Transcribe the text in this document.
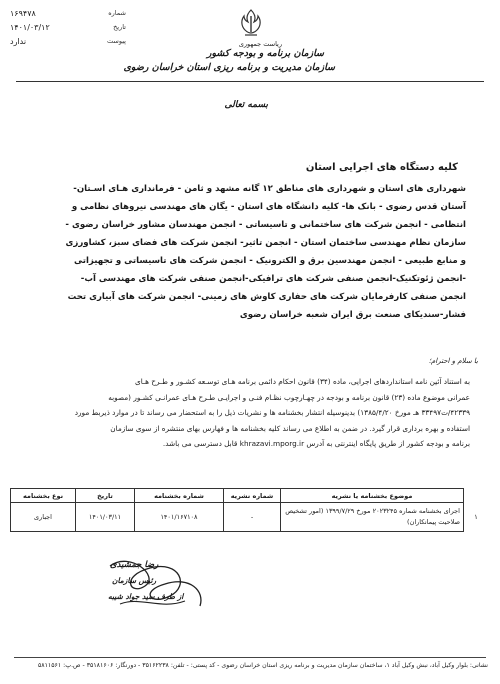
شماره
۱۶۹۴۷۸
تاریخ
۱۴۰۱/۰۳/۱۲
پیوست
ندارد	ریاست جمهوری
سازمان برنامه و بودجه کشور
سازمان مدیریت و برنامه ریزی استان خراسان رضوی
بسمه تعالی
کلیه دستگاه های اجرایی استان
شهرداری های استان و شهرداری های مناطق ۱۲ گانه مشهد و ثامن - فرمانداری هـای اسـتان-
آستان قدس رضوی - بانک ها- کلیه دانشگاه های استان - یگان های مهندسی نیروهای نظامی و
انتظامی - انجمن شرکت های ساختمانی و تاسیساتی - انجمن مهندسان مشاور خراسان رضوی -
سازمان نظام مهندسی ساختمان استان - انجمن تاثیر- انجمن شرکت های فضای سبز، کشاورزی
و منابع طبیعی - انجمن مهندسین برق و الکترونیک - انجمن شرکت های تاسیساتی و تجهیزاتی
-انجمن ژئوتکنیک-انجمن صنفی شرکت های ترافیکی-انجمن صنفی شرکت های مهندسی آب-
انجمن صنفی کارفرمایان شرکت های حفاری کاوش های زمینی- انجمن شرکت های آبیاری تحت
فشار-سندیکای صنعت برق ایران شعبه خراسان رضوی
با سلام و احترام؛
به استناد آئین نامه استانداردهای اجرایی، ماده (۳۴) قانون احکام دائمی برنامه هـای توسـعه کشـور و طـرح هـای
عمرانی موضوع ماده (۲۳) قانون برنامه و بودجه در چهـارچوب نظـام فنـی و اجرایـی طـرح هـای عمرانـی کشـور (مصوبه
۴۲۳۳۹/ت۳۳۴۹۷ هـ مورخ ۱۳۸۵/۴/۲۰) بدینوسیله انتشار بخشنامه ها و نشریات ذیل را به استحضار می رساند تا در موارد ذیربط مورد
استفاده و بهره برداری قرار گیرد. در ضمن به اطلاع می رساند کلیه بخشنامه ها و فهارس بهای منتشره از سوی سازمان
برنامه و بودجه کشور از طریق پایگاه اینترنتی به آدرس khrazavi.mporg.ir قابل دسترسی می باشد.
	موضوع بخشنامه یا نشریه	شماره نشریه	شماره بخشنامه	تاریخ	نوع بخشنامه
۱	اجرای بخشنامه شماره ۲۰۲۳۲۴۵ مورخ ۱۳۹۹/۷/۲۹ (امور تشخیص
صلاحیت پیمانکاران)	-	۱۴۰۱/۱۶۷۱۰۸	۱۴۰۱/۰۳/۱۱	اجباری
رضا جمشیدی
رئیس سازمان
از طرف سید جواد شیبه
نشانی: بلوار وکیل آباد، نبش وکیل آباد ۱، ساختمان سازمان مدیریت و برنامه ریزی استان خراسان رضوی - کد پستی: - تلفن: ۳۵۱۶۲۲۳۸ - دورنگار: ۳۵۱۸۱۶۰۶ - ص.پ: ۵۸۱۱۵۶۱
